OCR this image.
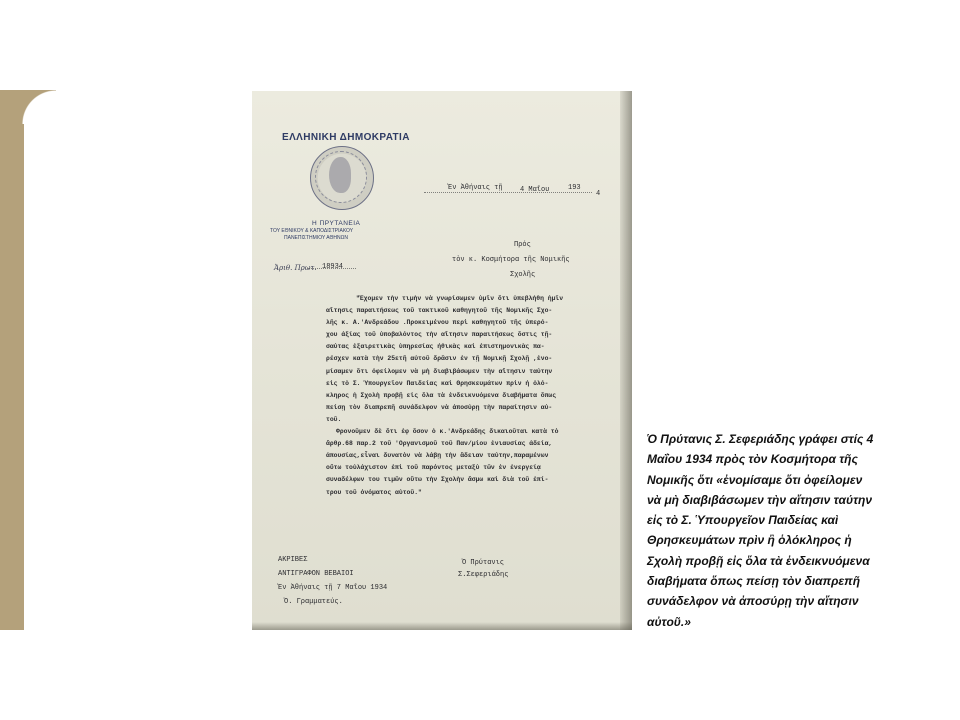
ΕΛΛΗΝΙΚΗ ΔΗΜΟΚΡΑΤΙΑ
Η ΠΡΥΤΑΝΕΙΑ
ΤΟΥ ΕΘΝΙΚΟΥ & ΚΑΠΟΔΙΣΤΡΙΑΚΟΥ
ΠΑΝΕΠΙΣΤΗΜΙΟΥ ΑΘΗΝΩΝ
Ἐν Ἀθήναις τῇ 4 Μαΐου	193
4
Ἀριθ. Πρωτ. 18934
Πρός
τὸν κ. Κοσμήτορα τῆς Νομικῆς
Σχολῆς
"Ἔχομεν τὴν τιμὴν νὰ γνωρίσωμεν ὑμῖν ὅτι ὑπεβλήθη ἡμῖν
αἴτησις παραιτήσεως τοῦ τακτικοῦ καθηγητοῦ τῆς Νομικῆς Σχο-
λῆς κ. Α.'Ανδρεάδου .Προκειμένου περὶ καθηγητοῦ τῆς ὑπερό-
χου ἀξίας τοῦ ὑποβαλόντος τὴν αἴτησιν παραιτήσεως ὅστις τῇ-
σαύτας ἐξαιρετικὰς ὑπηρεσίας ἠθικὰς καὶ ἐπιστημονικὰς πα-
ρέσχεν κατὰ τὴν 25ετῆ αὐτοῦ δρᾶσιν ἐν τῇ Νομικῇ Σχολῇ ,ἐνο-
μίσαμεν ὅτι ὀφείλομεν νὰ μὴ διαβιβάσωμεν τὴν αἴτησιν ταύτην
εἰς τὸ Σ. Ὑπουργεῖον Παιδείας καὶ Θρησκευμάτων πρὶν ἡ ὁλό-
κληρος ἡ Σχολὴ προβῇ εἰς ὅλα τὰ ἐνδεικνυόμενα διαβήματα ὅπως
πείσῃ τὸν διαπρεπῆ συνάδελφον νὰ ἀποσύρῃ τὴν παραίτησιν αὐ-
τοῦ.
Φρονοῦμεν δὲ ὅτι ἐφ ὅσον ὁ κ.'Ανδρεάδης δικαιοῦται κατὰ τὸ
ἄρθρ.68 παρ.2 τοῦ 'Οργανισμοῦ τοῦ Παν/μίου ἐνιαυσίας ἀδεία,
ἀπουσίας,εἶναι δυνατὸν νὰ λάβῃ τὴν ἄδειαν ταύτην,παραμένων
οὕτω τοὐλάχιστον ἐπὶ τοῦ παρόντος μεταξὺ τῶν ἐν ἐνεργείᾳ
συναδέλφων του τιμῶν οὕτω τὴν Σχολὴν ἅσμω καὶ διὰ τοῦ ἐπί-
τρου τοῦ ὀνόματος αὐτοῦ."
Ὁ Πρύτανις
Σ.Σεφεριάδης
ΑΚΡΙΒΕΣ
ΑΝΤΙΓΡΑΦΟΝ ΒΕΒΑΙΟΙ
Ἐν Ἀθήναις τῇ 7 Μαΐου 1934
Ὁ. Γραμματεύς.
Ὁ Πρύτανις Σ. Σεφεριάδης γράφει στίς 4
Μαΐου 1934 πρὸς τὸν Κοσμήτορα τῆς
Νομικῆς ὅτι «ἐνομίσαμε ὅτι ὀφείλομεν
νὰ μὴ διαβιβάσωμεν τὴν αἴτησιν ταύτην
εἰς τὸ Σ. Ὑπουργεῖον Παιδείας καὶ
Θρησκευμάτων πρὶν ἢ ὁλόκληρος ἡ
Σχολὴ προβῇ εἰς ὅλα τὰ ἐνδεικνυόμενα
διαβήματα ὅπως πείσῃ τὸν διαπρεπῆ
συνάδελφον νὰ ἀποσύρῃ τὴν αἴτησιν
αὐτοῦ.»
